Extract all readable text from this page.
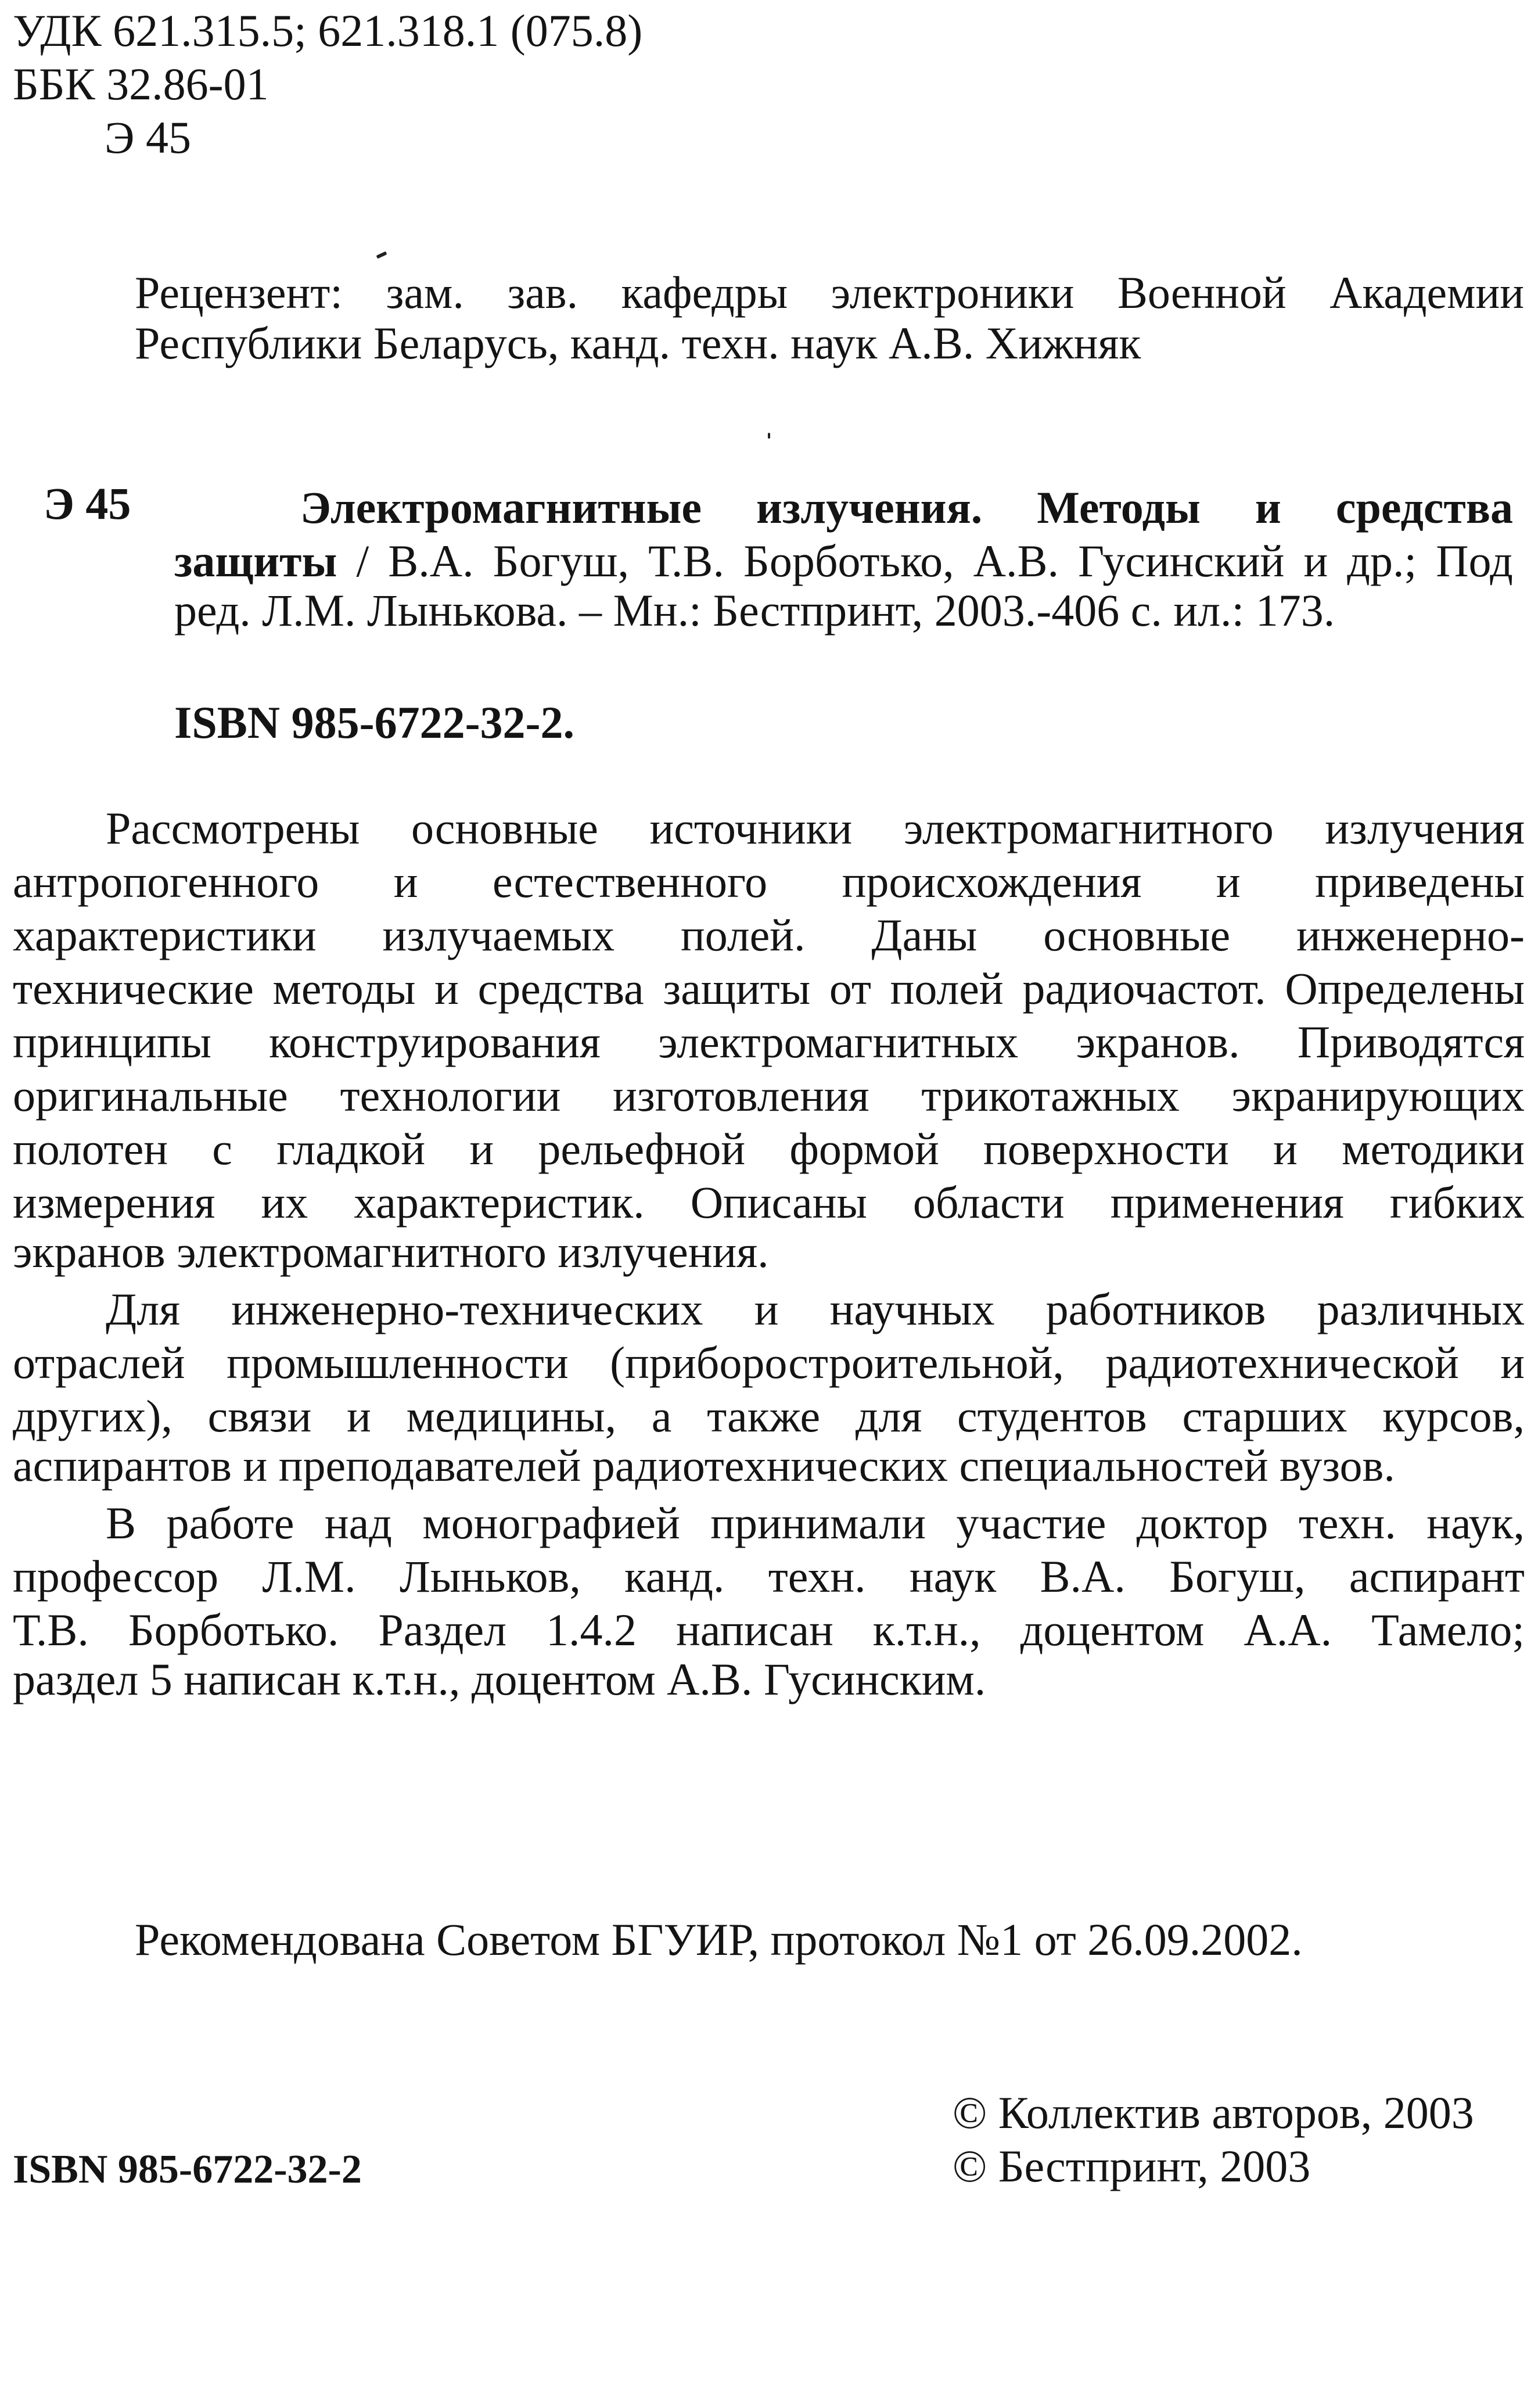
УДК 621.315.5; 621.318.1 (075.8)
ББК 32.86-01
Э 45
Рецензент: зам. зав. кафедры электроники Военной Академии
Республики Беларусь, канд. техн. наук А.В. Хижняк
Э 45	Электромагнитные излучения. Методы и средства
защиты / В.А. Богуш, Т.В. Борботько, А.В. Гусинский и др.; Под
ред. Л.М. Лынькова. – Мн.: Бестпринт, 2003.-406 с. ил.: 173.
ISBN 985-6722-32-2.
Рассмотрены основные источники электромагнитного излучения
антропогенного и естественного происхождения и приведены
характеристики излучаемых полей. Даны основные инженерно-
технические методы и средства защиты от полей радиочастот. Определены
принципы конструирования электромагнитных экранов. Приводятся
оригинальные технологии изготовления трикотажных экранирующих
полотен с гладкой и рельефной формой поверхности и методики
измерения их характеристик. Описаны области применения гибких
экранов электромагнитного излучения.
Для инженерно-технических и научных работников различных
отраслей промышленности (приборостроительной, радиотехнической и
других), связи и медицины, а также для студентов старших курсов,
аспирантов и преподавателей радиотехнических специальностей вузов.
В работе над монографией принимали участие доктор техн. наук,
профессор Л.М. Лыньков, канд. техн. наук В.А. Богуш, аспирант
Т.В. Борботько. Раздел 1.4.2 написан к.т.н., доцентом А.А. Тамело;
раздел 5 написан к.т.н., доцентом А.В. Гусинским.
Рекомендована Советом БГУИР, протокол №1 от 26.09.2002.
© Коллектив авторов, 2003
© Бестпринт, 2003
ISBN 985-6722-32-2
